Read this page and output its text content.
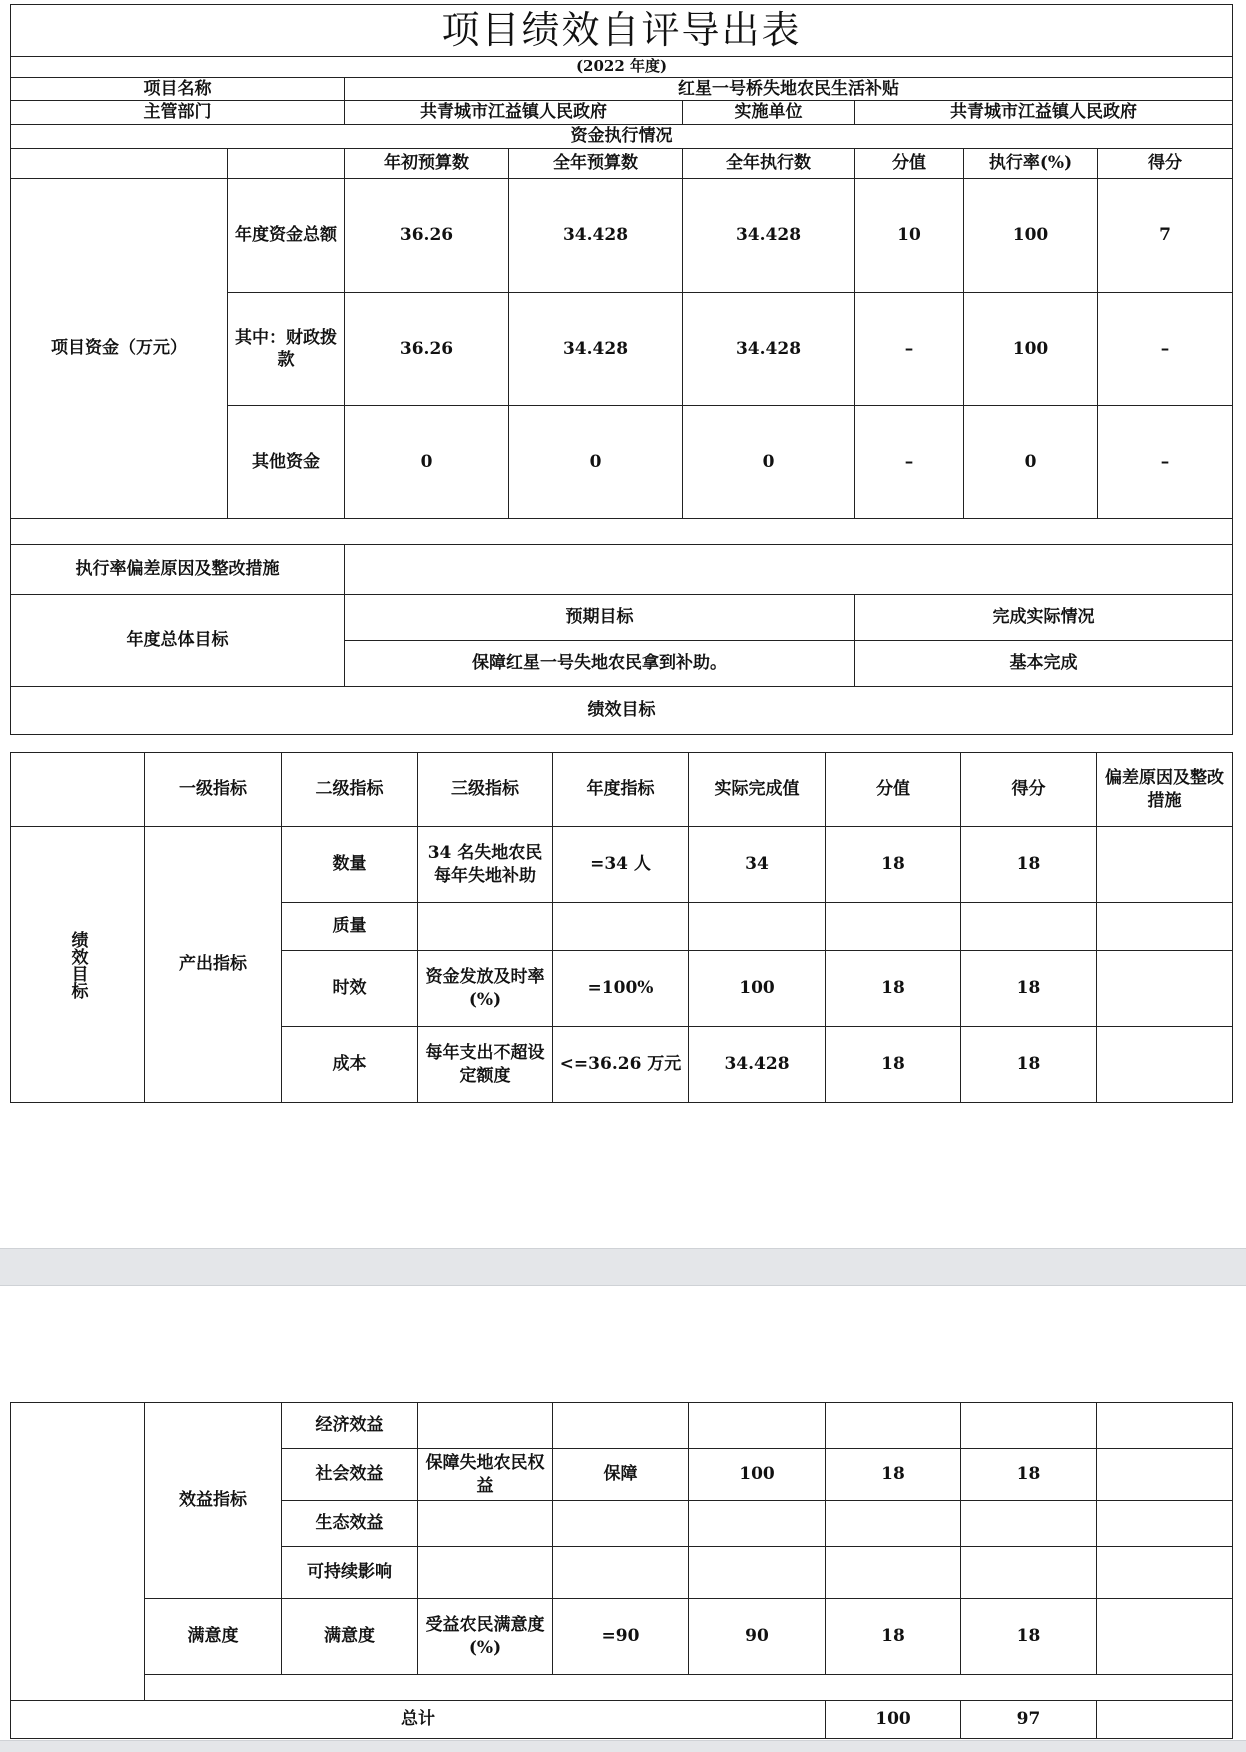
项目绩效自评导出表							
(2022 年度)							
项目名称		红星一号桥失地农民生活补贴					
主管部门		共青城市江益镇人民政府		实施单位	共青城市江益镇人民政府		
资金执行情况							
		年初预算数	全年预算数	全年执行数	分值	执行率(%)	得分
项目资金（万元）	年度资金总额	36.26	34.428	34.428	10	100	7
	其中：财政拨款	36.26	34.428	34.428	–	100	–
	其他资金	0	0	0	–	0	–

执行率偏差原因及整改措施							
年度总体目标		预期目标			完成实际情况		
		保障红星一号失地农民拿到补助。			基本完成		
绩效目标							
	一级指标	二级指标	三级指标	年度指标	实际完成值	分值	得分	偏差原因及整改措施
绩效目标	产出指标	数量	34 名失地农民每年失地补助	=34 人	34	18	18	
		质量						
		时效	资金发放及时率(%)	=100%	100	18	18	
		成本	每年支出不超设定额度	<=36.26 万元	34.428	18	18	
	效益指标	经济效益						
		社会效益	保障失地农民权益	保障	100	18	18	
		生态效益						
		可持续影响						
	满意度	满意度	受益农民满意度(%)	=90	90	18	18	

总计						100	97	
